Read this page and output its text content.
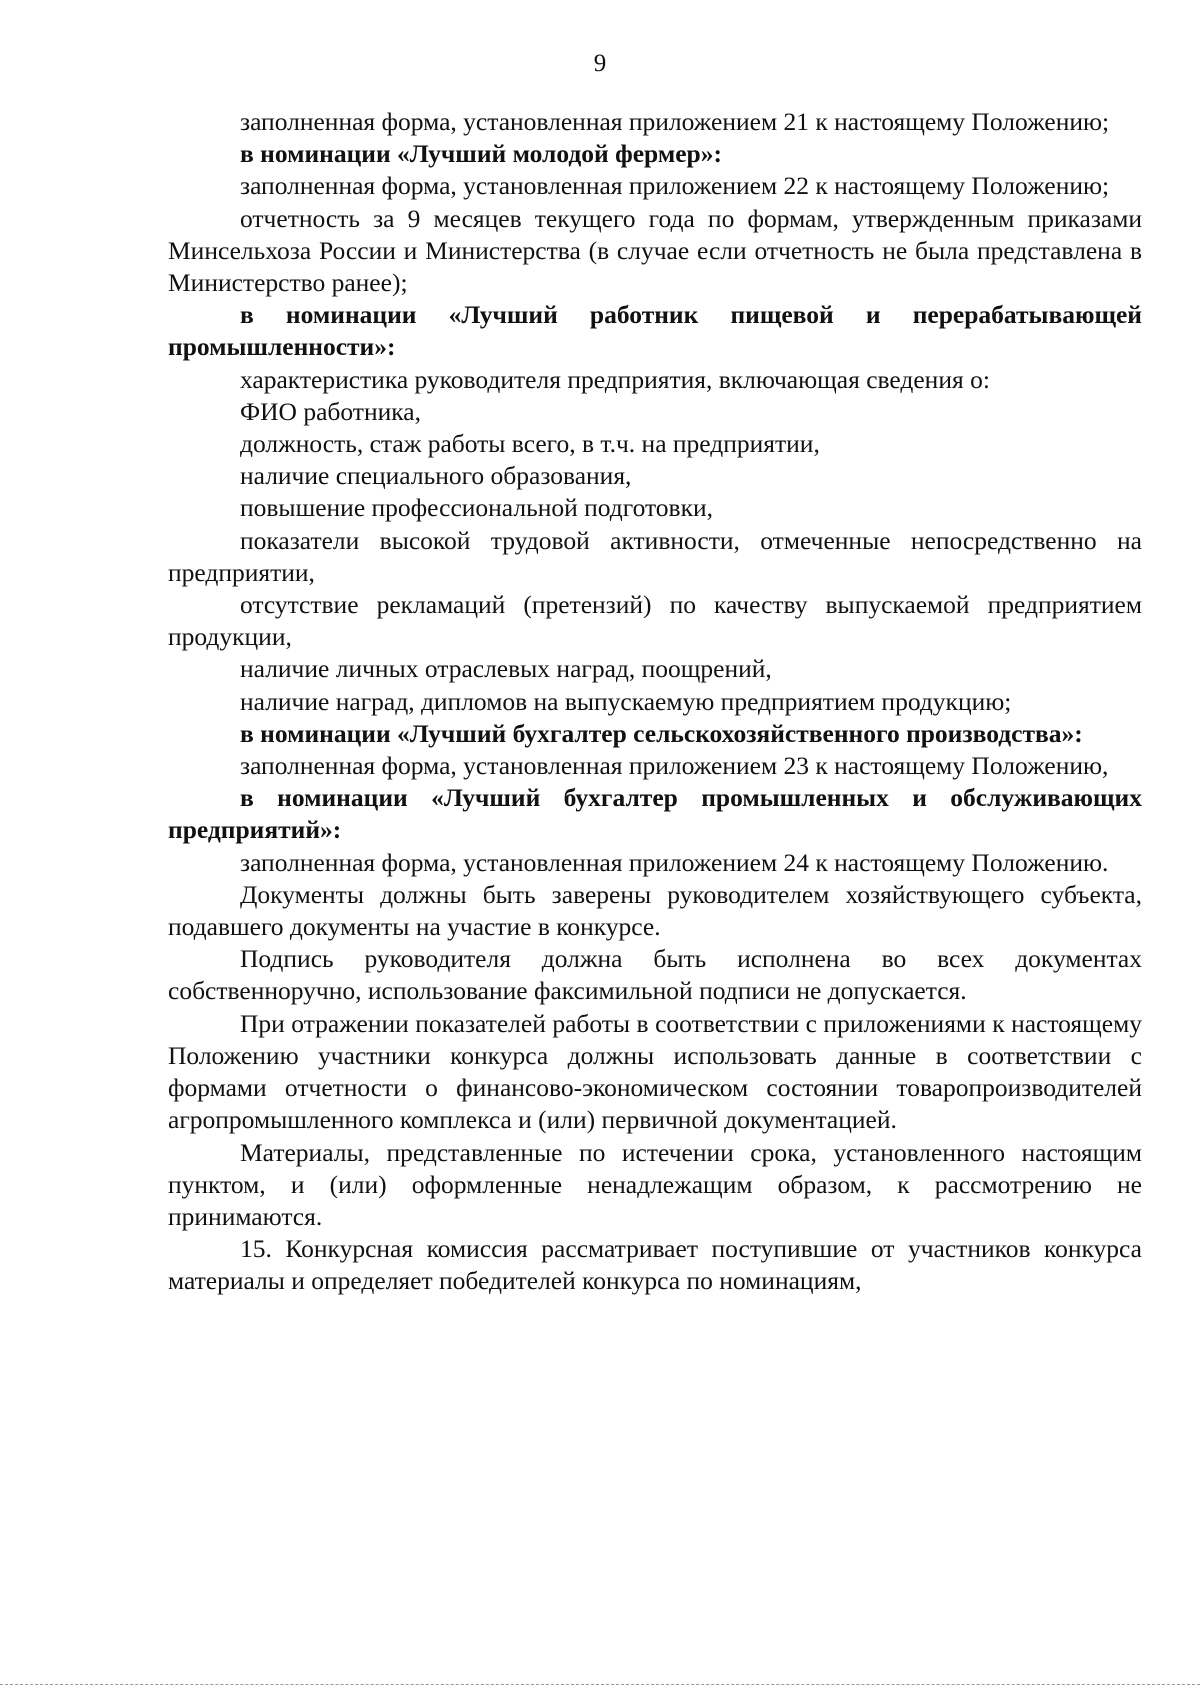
9

заполненная форма, установленная приложением 21 к настоящему Положению;

в номинации «Лучший молодой фермер»:

заполненная форма, установленная приложением 22 к настоящему Положению;

отчетность за 9 месяцев текущего года по формам, утвержденным приказами Минсельхоза России и Министерства (в случае если отчетность не была представлена в Министерство ранее);

в номинации «Лучший работник пищевой и перерабатывающей промышленности»:

характеристика руководителя предприятия, включающая сведения о:

ФИО работника,

должность, стаж работы всего, в т.ч. на предприятии,

наличие специального образования,

повышение профессиональной подготовки,

показатели высокой трудовой активности, отмеченные непосредственно на предприятии,

отсутствие рекламаций (претензий) по качеству выпускаемой предприятием продукции,

наличие личных отраслевых наград, поощрений,

наличие наград, дипломов на выпускаемую предприятием продукцию;

в номинации «Лучший бухгалтер сельскохозяйственного производства»:

заполненная форма, установленная приложением 23 к настоящему Положению,

в номинации «Лучший бухгалтер промышленных и обслуживающих предприятий»:

заполненная форма, установленная приложением 24 к настоящему Положению.

Документы должны быть заверены руководителем хозяйствующего субъекта, подавшего документы на участие в конкурсе.

Подпись руководителя должна быть исполнена во всех документах собственноручно, использование факсимильной подписи не допускается.

При отражении показателей работы в соответствии с приложениями к настоящему Положению участники конкурса должны использовать данные в соответствии с формами отчетности о финансово-экономическом состоянии товаропроизводителей агропромышленного комплекса и (или) первичной документацией.

Материалы, представленные по истечении срока, установленного настоящим пунктом, и (или) оформленные ненадлежащим образом, к рассмотрению не принимаются.

15. Конкурсная комиссия рассматривает поступившие от участников конкурса материалы и определяет победителей конкурса по номинациям,
